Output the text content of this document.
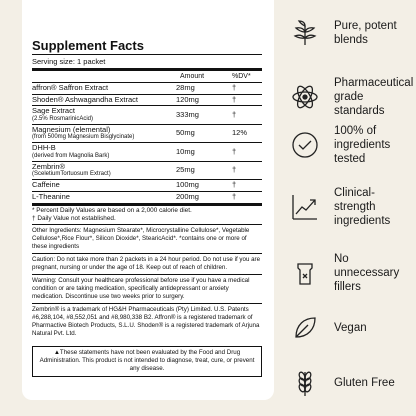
Supplement Facts
Serving size: 1 packet
Amount	%DV*
affron® Saffron Extract	28mg	†
Shoden® Ashwagandha Extract	120mg	†
Sage Extract
(2.5% RosmarinicAcid)
333mg	†
Magnesium (elemental)
(from 500mg Magnesium Bisglycinate)
50mg	12%
DHH-B
(derived from Magnolia Bark)
10mg	†
Zembrin®
(SceletiumTortuosum Extract)
25mg	†
Caffeine	100mg	†
L-Theanine	200mg	†
* Percent Daily Values are based on a 2,000 calorie diet.
† Daily Value not established.
Other Ingredients: Magnesium Stearate*, Microcrystalline Cellulose*, Vegetable Cellulose*,Rice Flour*, Silicon Dioxide*, StearicAcid*. *contains one or more of these ingredients
Caution: Do not take more than 2 packets in a 24 hour period. Do not use if you are pregnant, nursing or under the age of 18. Keep out of reach of children.
Warning: Consult your healthcare professional before use if you have a medical condition or are taking medication, specifically antidepressant or anxiety medication. Discontinue use two weeks prior to surgery.
Zembrin® is a trademark of HG&H Pharmaceuticals (Pty) Limited. U.S. Patents #6,288,104, #8,552,051 and #8,980,338 B2. Affron® is a registered trademark of Pharmactive Biotech Products, S.L.U. Shoden® is a registered trademark of Arjuna Natural Pvt. Ltd.
▲These statements have not been evaluated by the Food and Drug Administration. This product is not intended to diagnose, treat, cure, or prevent any disease.
Pure, potent blends
Pharmaceutical grade standards
100% of ingredients tested
Clinical-strength ingredients
No unnecessary fillers
Vegan
Gluten Free
